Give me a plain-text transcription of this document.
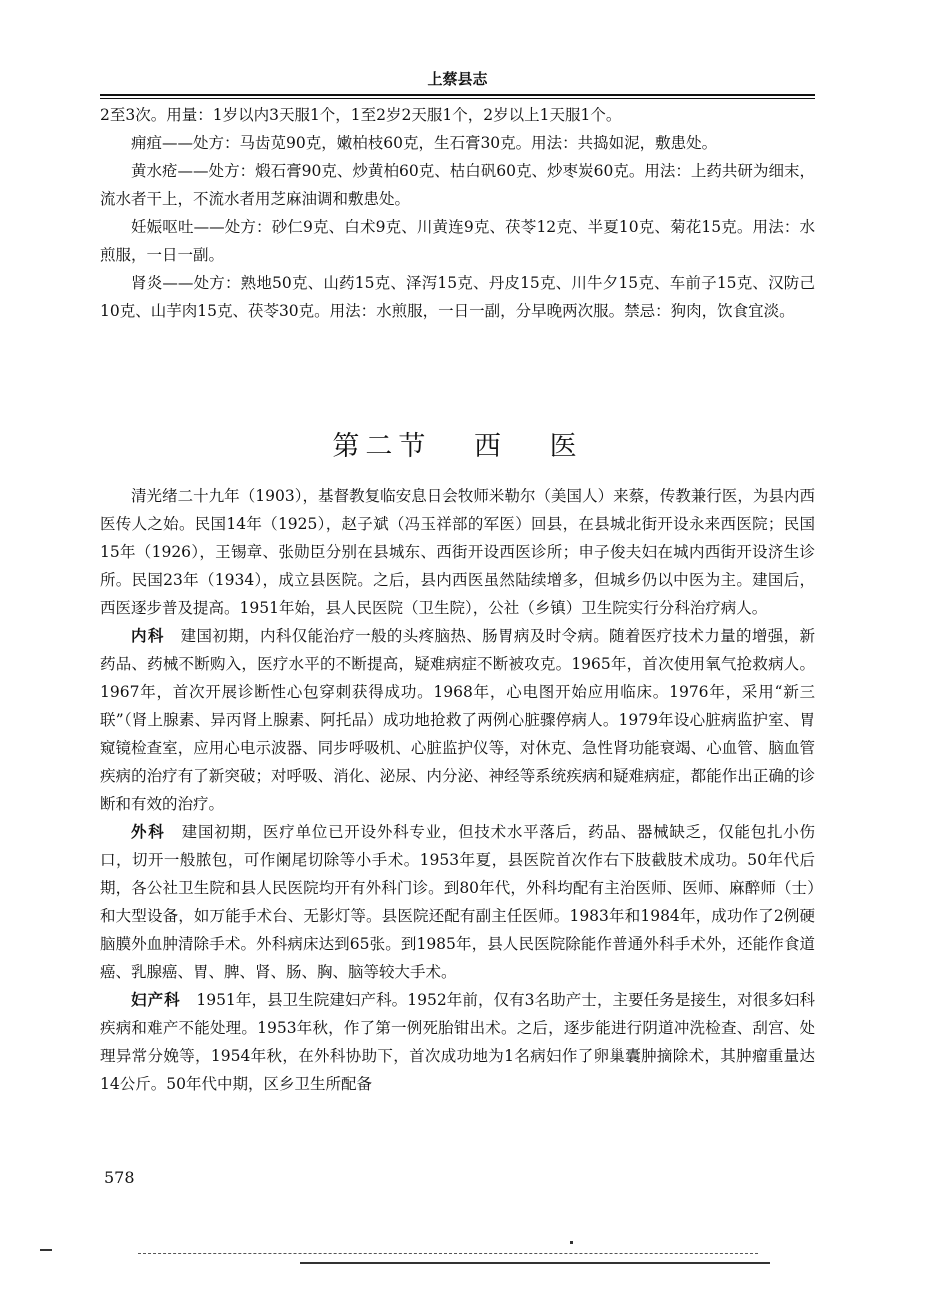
上蔡县志

2至3次。用量：1岁以内3天服1个，1至2岁2天服1个，2岁以上1天服1个。

痈疽——处方：马齿苋90克，嫩柏枝60克，生石膏30克。用法：共捣如泥，敷患处。

黄水疮——处方：煅石膏90克、炒黄柏60克、枯白矾60克、炒枣炭60克。用法：上药共研为细末，流水者干上，不流水者用芝麻油调和敷患处。

妊娠呕吐——处方：砂仁9克、白术9克、川黄连9克、茯苓12克、半夏10克、菊花15克。用法：水煎服，一日一副。

肾炎——处方：熟地50克、山药15克、泽泻15克、丹皮15克、川牛夕15克、车前子15克、汉防己10克、山芋肉15克、茯苓30克。用法：水煎服，一日一副，分早晚两次服。禁忌：狗肉，饮食宜淡。

第二节 西 医

清光绪二十九年（1903），基督教复临安息日会牧师米勒尔（美国人）来蔡，传教兼行医，为县内西医传人之始。民国14年（1925），赵子斌（冯玉祥部的军医）回县，在县城北街开设永来西医院；民国15年（1926），王锡章、张勋臣分别在县城东、西街开设西医诊所；申子俊夫妇在城内西街开设济生诊所。民国23年（1934），成立县医院。之后，县内西医虽然陆续增多，但城乡仍以中医为主。建国后，西医逐步普及提高。1951年始，县人民医院（卫生院），公社（乡镇）卫生院实行分科治疗病人。

内科　 建国初期，内科仅能治疗一般的头疼脑热、肠胃病及时令病。随着医疗技术力量的增强，新药品、药械不断购入，医疗水平的不断提高，疑难病症不断被攻克。1965年，首次使用氧气抢救病人。1967年，首次开展诊断性心包穿刺获得成功。1968年，心电图开始应用临床。1976年，采用“新三联”（肾上腺素、异丙肾上腺素、阿托品）成功地抢救了两例心脏骤停病人。1979年设心脏病监护室、胃窥镜检查室，应用心电示波器、同步呼吸机、心脏监护仪等，对休克、急性肾功能衰竭、心血管、脑血管疾病的治疗有了新突破；对呼吸、消化、泌尿、内分泌、神经等系统疾病和疑难病症，都能作出正确的诊断和有效的治疗。

外科　 建国初期，医疗单位已开设外科专业，但技术水平落后，药品、器械缺乏，仅能包扎小伤口，切开一般脓包，可作阑尾切除等小手术。1953年夏，县医院首次作右下肢截肢术成功。50年代后期，各公社卫生院和县人民医院均开有外科门诊。到80年代，外科均配有主治医师、医师、麻醉师（士）和大型设备，如万能手术台、无影灯等。县医院还配有副主任医师。1983年和1984年，成功作了2例硬脑膜外血肿清除手术。外科病床达到65张。到1985年，县人民医院除能作普通外科手术外，还能作食道癌、乳腺癌、胃、脾、肾、肠、胸、脑等较大手术。

妇产科　 1951年，县卫生院建妇产科。1952年前，仅有3名助产士，主要任务是接生，对很多妇科疾病和难产不能处理。1953年秋，作了第一例死胎钳出术。之后，逐步能进行阴道冲洗检查、刮宫、处理异常分娩等，1954年秋，在外科协助下，首次成功地为1名病妇作了卵巢囊肿摘除术，其肿瘤重量达14公斤。50年代中期，区乡卫生所配备

578
